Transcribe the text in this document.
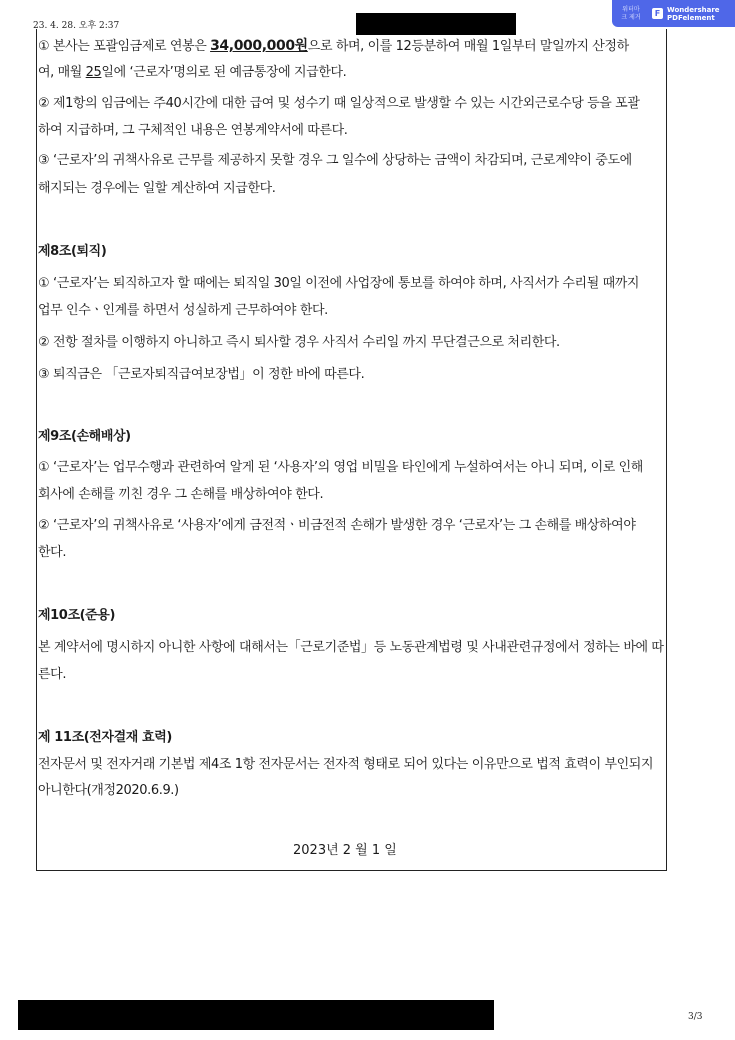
23. 4. 28. 오후 2:37
워터마
크 제거	F Wondershare
PDFelement

① 본사는 포괄임금제로 연봉은 34,000,000원으로 하며, 이를 12등분하여 매월 1일부터 말일까지 산정하

여, 매월 25일에 ‘근로자’명의로 된 예금통장에 지급한다.

② 제1항의 임금에는 주40시간에 대한 급여 및 성수기 때 일상적으로 발생할 수 있는 시간외근로수당 등을 포괄

하여 지급하며, 그 구체적인 내용은 연봉계약서에 따른다.

③ ‘근로자’의 귀책사유로 근무를 제공하지 못할 경우 그 일수에 상당하는 금액이 차감되며, 근로계약이 중도에

해지되는 경우에는 일할 계산하여 지급한다.

제8조(퇴직)

① ‘근로자’는 퇴직하고자 할 때에는 퇴직일 30일 이전에 사업장에 통보를 하여야 하며, 사직서가 수리될 때까지

업무 인수ㆍ인계를 하면서 성실하게 근무하여야 한다.

② 전항 절차를 이행하지 아니하고 즉시 퇴사할 경우 사직서 수리일 까지 무단결근으로 처리한다.

③ 퇴직금은 「근로자퇴직급여보장법」이 정한 바에 따른다.

제9조(손해배상)

① ‘근로자’는 업무수행과 관련하여 알게 된 ‘사용자’의 영업 비밀을 타인에게 누설하여서는 아니 되며, 이로 인해

회사에 손해를 끼친 경우 그 손해를 배상하여야 한다.

② ‘근로자’의 귀책사유로 ‘사용자’에게 금전적ㆍ비금전적 손해가 발생한 경우 ‘근로자’는 그 손해를 배상하여야

한다.

제10조(준용)

본 계약서에 명시하지 아니한 사항에 대해서는「근로기준법」등 노동관계법령 및 사내관련규정에서 정하는 바에 따

른다.

제 11조(전자결재 효력)

전자문서 및 전자거래 기본법 제4조 1항 전자문서는 전자적 형태로 되어 있다는 이유만으로 법적 효력이 부인되지

아니한다(개정2020.6.9.)

2023년 2 월 1 일

3/3
